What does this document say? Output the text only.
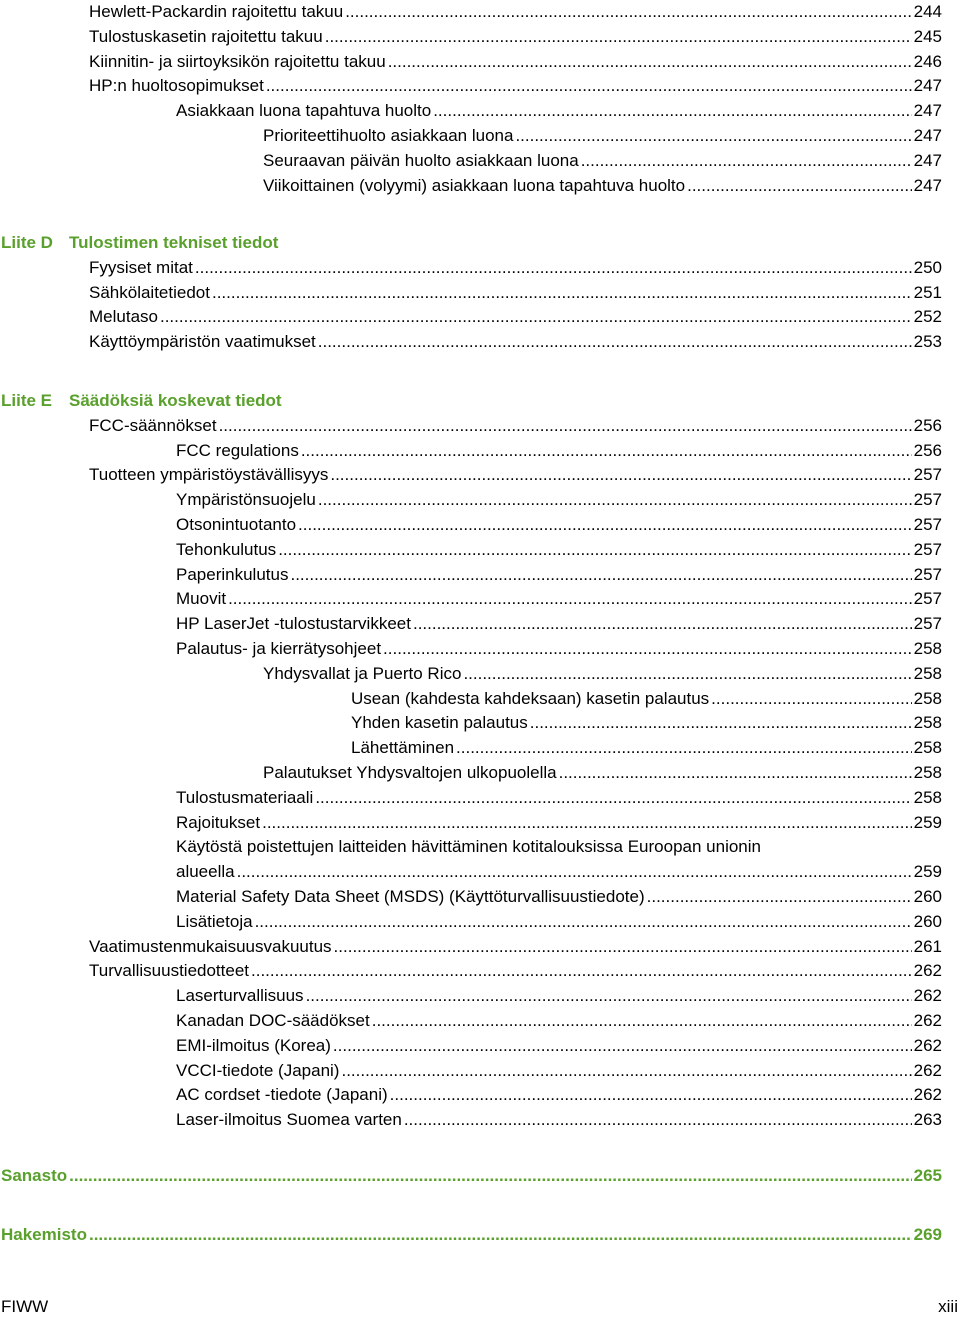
Hewlett-Packardin rajoitettu takuu .....	244
Tulostuskasetin rajoitettu takuu .....	245
Kiinnitin- ja siirtoyksikön rajoitettu takuu .....	246
HP:n huoltosopimukset .....	247
Asiakkaan luona tapahtuva huolto .....	247
Prioriteettihuolto asiakkaan luona .....	247
Seuraavan päivän huolto asiakkaan luona .....	247
Viikoittainen (volyymi) asiakkaan luona tapahtuva huolto .....	247
Liite D Tulostimen tekniset tiedot
Fyysiset mitat .....	250
Sähkölaitetiedot .....	251
Melutaso .....	252
Käyttöympäristön vaatimukset .....	253
Liite E Säädöksiä koskevat tiedot
FCC-säännökset .....	256
FCC regulations .....	256
Tuotteen ympäristöystävällisyys .....	257
Ympäristönsuojelu .....	257
Otsonintuotanto .....	257
Tehonkulutus .....	257
Paperinkulutus .....	257
Muovit .....	257
HP LaserJet -tulostustarvikkeet .....	257
Palautus- ja kierrätysohjeet .....	258
Yhdysvallat ja Puerto Rico .....	258
Usean (kahdesta kahdeksaan) kasetin palautus .....	258
Yhden kasetin palautus .....	258
Lähettäminen .....	258
Palautukset Yhdysvaltojen ulkopuolella .....	258
Tulostusmateriaali .....	258
Rajoitukset .....	259
Käytöstä poistettujen laitteiden hävittäminen kotitalouksissa Euroopan unionin
alueella .....	259
Material Safety Data Sheet (MSDS) (Käyttöturvallisuustiedote) .....	260
Lisätietoja .....	260
Vaatimustenmukaisuusvakuutus .....	261
Turvallisuustiedotteet .....	262
Laserturvallisuus .....	262
Kanadan DOC-säädökset .....	262
EMI-ilmoitus (Korea) .....	262
VCCI-tiedote (Japani) .....	262
AC cordset -tiedote (Japani) .....	262
Laser-ilmoitus Suomea varten .....	263
Sanasto .....	265
Hakemisto .....	269
FIWW	xiii
